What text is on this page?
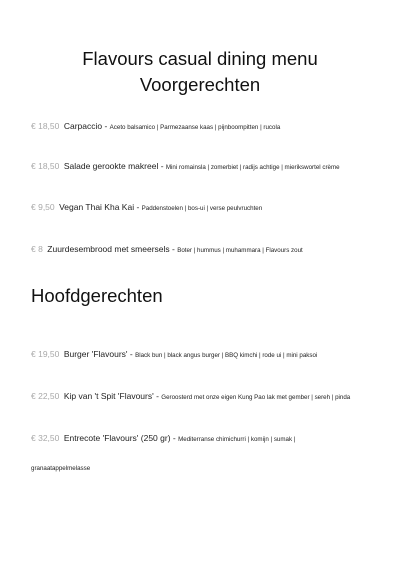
Flavours casual dining menu
Voorgerechten
€ 18,50 Carpaccio - Aceto balsamico | Parmezaanse kaas | pijnboompitten | rucola
€ 18,50 Salade gerookte makreel - Mini romainsla | zomerbiet | radijs achtige | mierikswortel crème
€ 9,50 Vegan Thai Kha Kai - Paddenstoelen | bos-ui | verse peulvruchten
€ 8 Zuurdesembrood met smeersels - Boter | hummus | muhammara | Flavours zout
Hoofdgerechten
€ 19,50 Burger 'Flavours' - Black bun | black angus burger | BBQ kimchi | rode ui | mini paksoi
€ 22,50 Kip van 't Spit 'Flavours' - Geroosterd met onze eigen Kung Pao lak met gember | sereh | pinda
€ 32,50 Entrecote 'Flavours' (250 gr) - Mediterranse chimichurri | komijn | sumak | granaatappelmelasse
